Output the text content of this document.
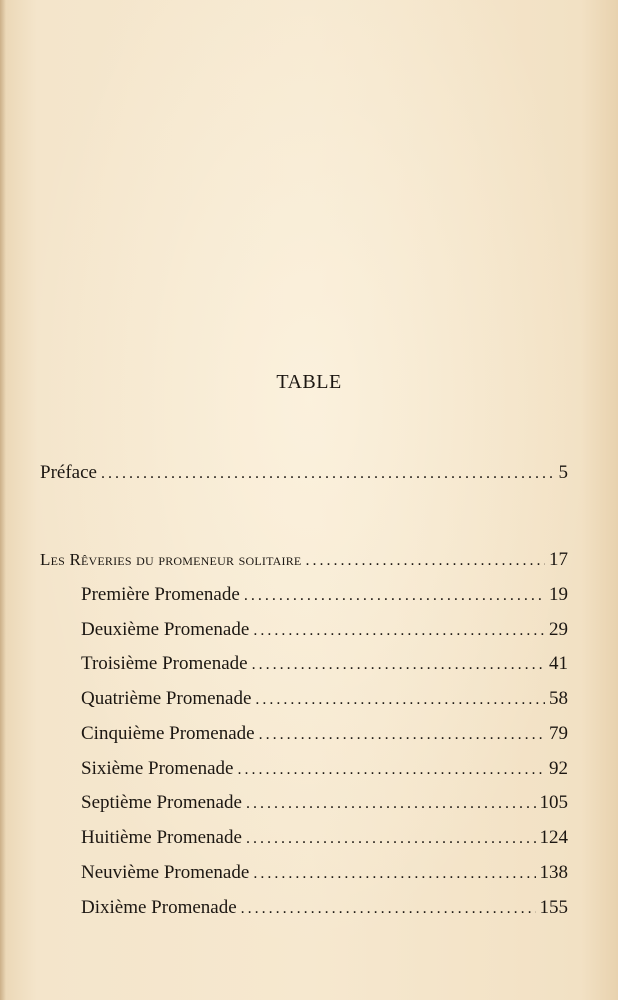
TABLE
Préface .....	5
Les Rêveries du promeneur solitaire .....	17
Première Promenade .....	19
Deuxième Promenade .....	29
Troisième Promenade .....	41
Quatrième Promenade .....	58
Cinquième Promenade .....	79
Sixième Promenade .....	92
Septième Promenade .....	105
Huitième Promenade .....	124
Neuvième Promenade .....	138
Dixième Promenade .....	155
